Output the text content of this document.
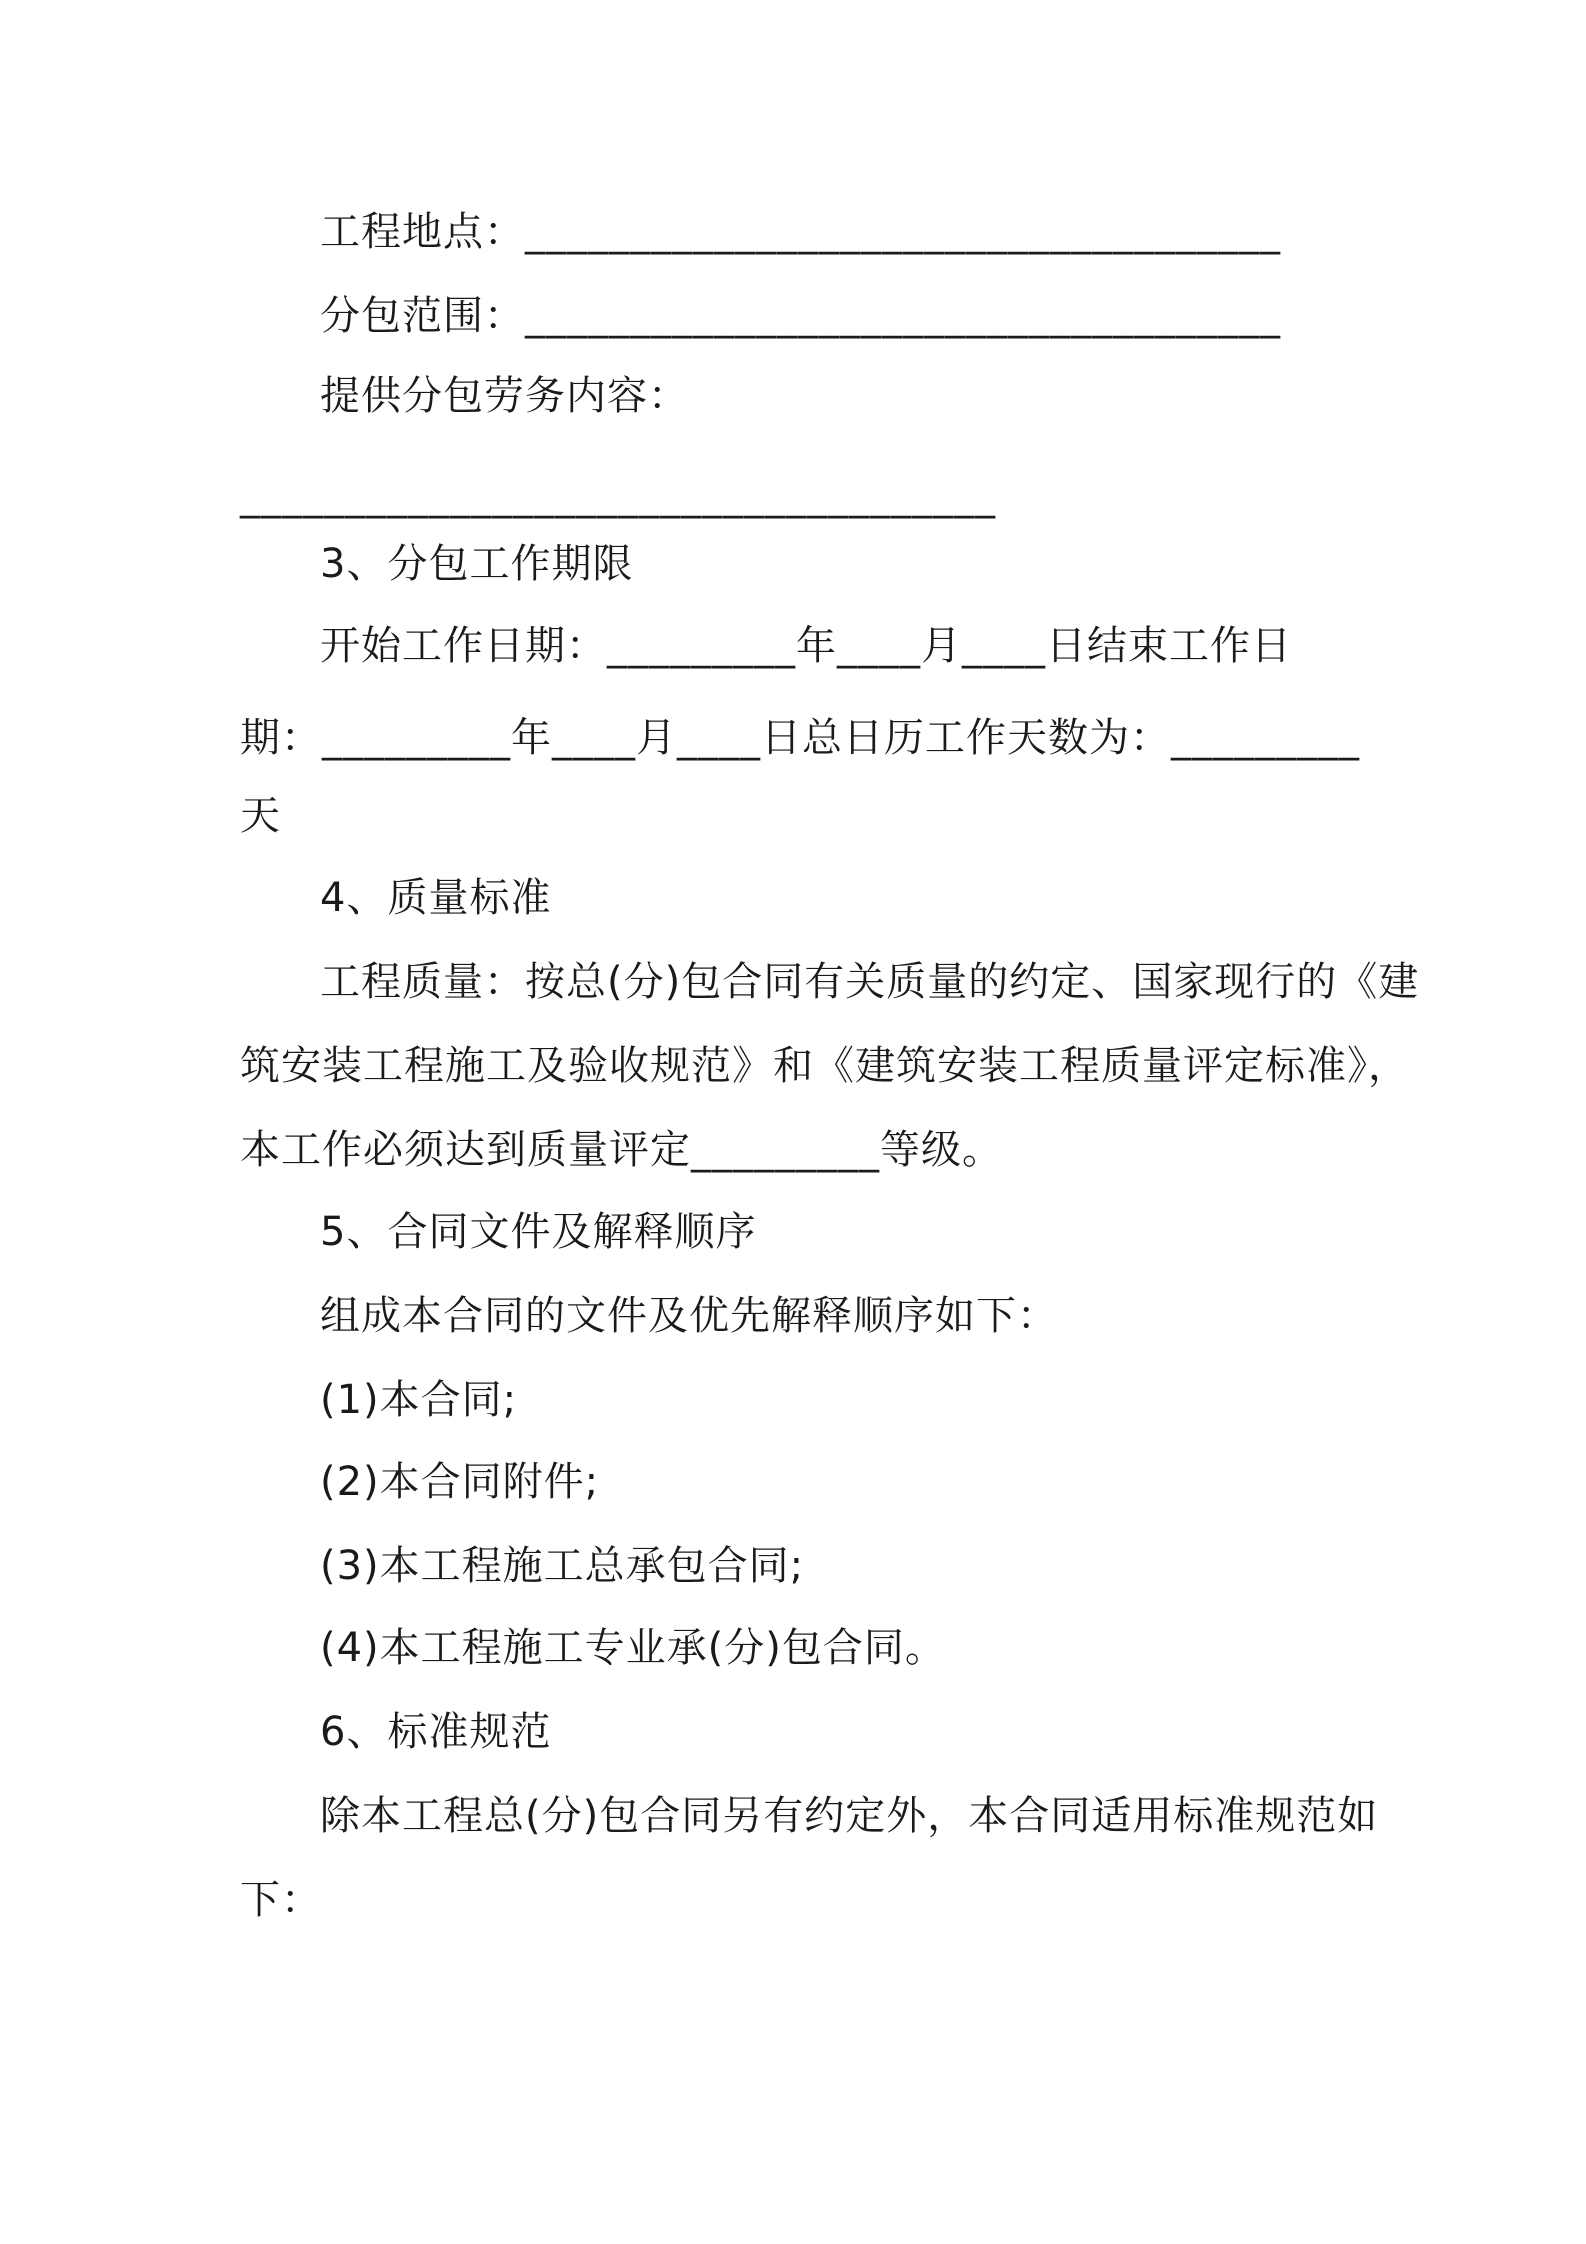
工程地点：____________________________________
分包范围：____________________________________
提供分包劳务内容：
____________________________________
3、分包工作期限
开始工作日期：_________年____月____日结束工作日
期：_________年____月____日总日历工作天数为：_________
天
4、质量标准
工程质量：按总(分)包合同有关质量的约定、国家现行的《建
筑安装工程施工及验收规范》和《建筑安装工程质量评定标准》，
本工作必须达到质量评定_________等级。
5、合同文件及解释顺序
组成本合同的文件及优先解释顺序如下：
(1)本合同;
(2)本合同附件;
(3)本工程施工总承包合同;
(4)本工程施工专业承(分)包合同。
6、标准规范
除本工程总(分)包合同另有约定外，本合同适用标准规范如
下：
